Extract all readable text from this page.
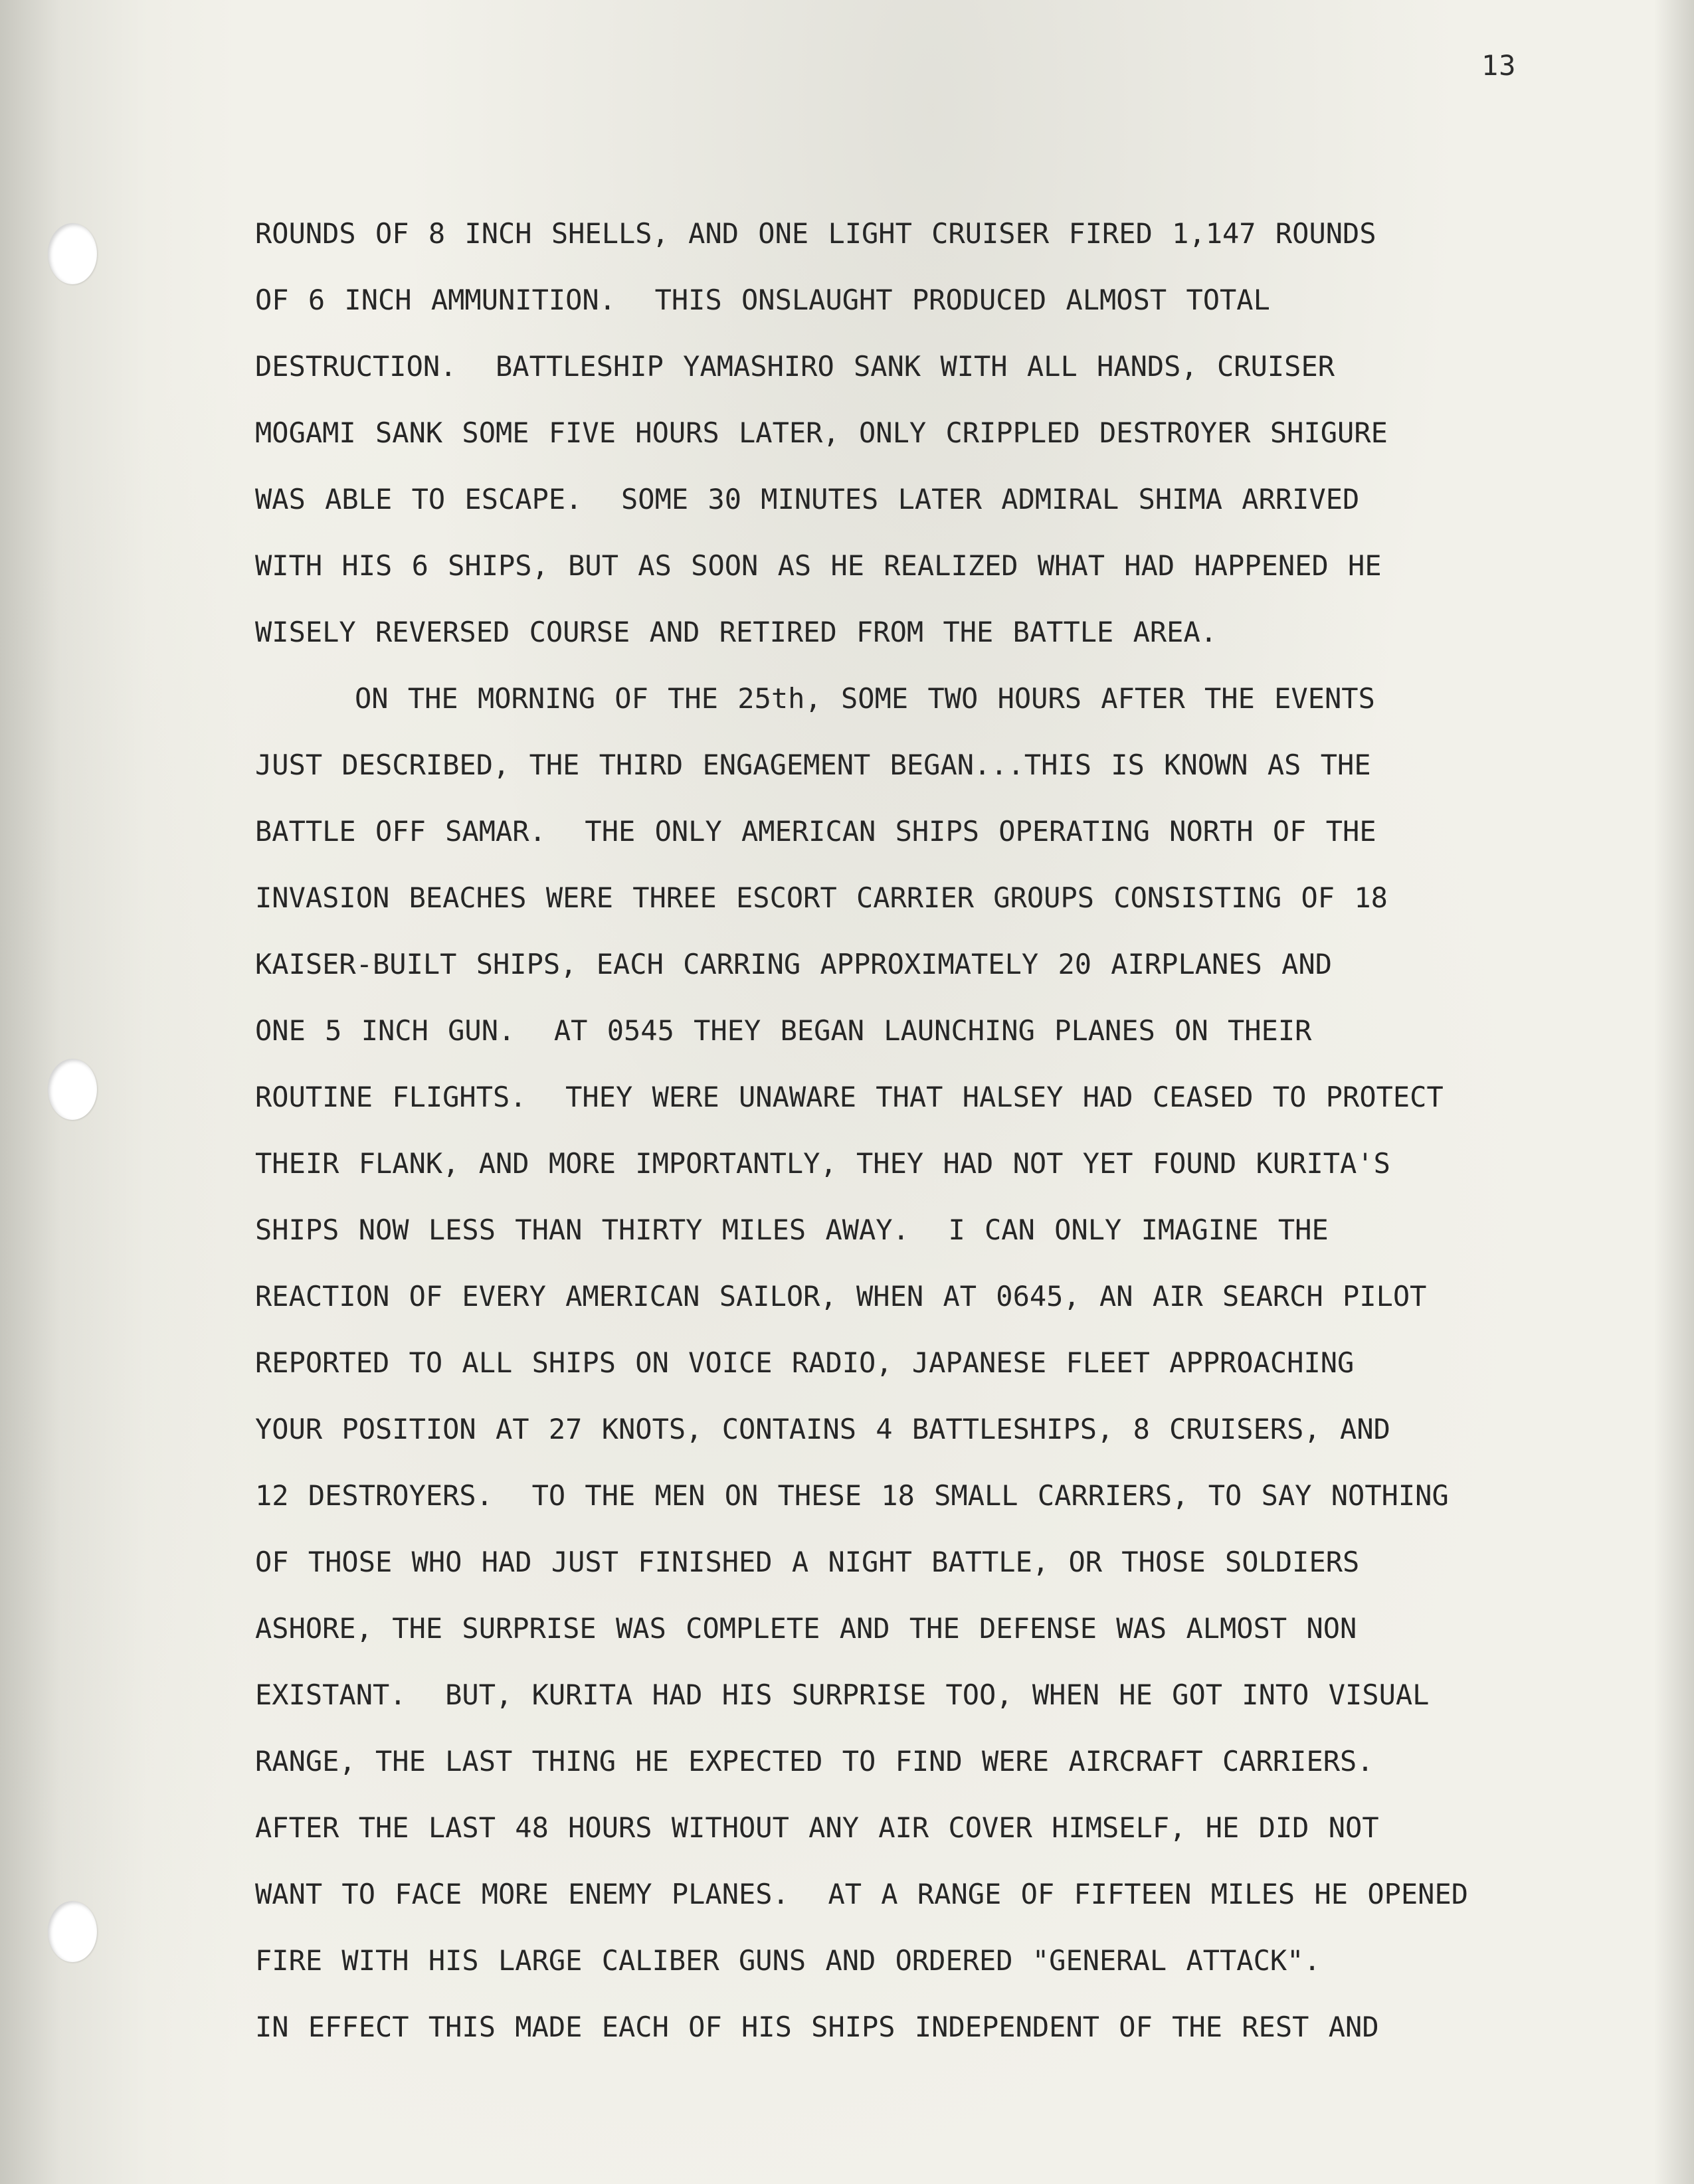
13
ROUNDS OF 8 INCH SHELLS, AND ONE LIGHT CRUISER FIRED 1,147 ROUNDS
OF 6 INCH AMMUNITION.  THIS ONSLAUGHT PRODUCED ALMOST TOTAL
DESTRUCTION.  BATTLESHIP YAMASHIRO SANK WITH ALL HANDS, CRUISER
MOGAMI SANK SOME FIVE HOURS LATER, ONLY CRIPPLED DESTROYER SHIGURE
WAS ABLE TO ESCAPE.  SOME 30 MINUTES LATER ADMIRAL SHIMA ARRIVED
WITH HIS 6 SHIPS, BUT AS SOON AS HE REALIZED WHAT HAD HAPPENED HE
WISELY REVERSED COURSE AND RETIRED FROM THE BATTLE AREA.
ON THE MORNING OF THE 25th, SOME TWO HOURS AFTER THE EVENTS
JUST DESCRIBED, THE THIRD ENGAGEMENT BEGAN...THIS IS KNOWN AS THE
BATTLE OFF SAMAR.  THE ONLY AMERICAN SHIPS OPERATING NORTH OF THE
INVASION BEACHES WERE THREE ESCORT CARRIER GROUPS CONSISTING OF 18
KAISER-BUILT SHIPS, EACH CARRING APPROXIMATELY 20 AIRPLANES AND
ONE 5 INCH GUN.  AT 0545 THEY BEGAN LAUNCHING PLANES ON THEIR
ROUTINE FLIGHTS.  THEY WERE UNAWARE THAT HALSEY HAD CEASED TO PROTECT
THEIR FLANK, AND MORE IMPORTANTLY, THEY HAD NOT YET FOUND KURITA'S
SHIPS NOW LESS THAN THIRTY MILES AWAY.  I CAN ONLY IMAGINE THE
REACTION OF EVERY AMERICAN SAILOR, WHEN AT 0645, AN AIR SEARCH PILOT
REPORTED TO ALL SHIPS ON VOICE RADIO, JAPANESE FLEET APPROACHING
YOUR POSITION AT 27 KNOTS, CONTAINS 4 BATTLESHIPS, 8 CRUISERS, AND
12 DESTROYERS.  TO THE MEN ON THESE 18 SMALL CARRIERS, TO SAY NOTHING
OF THOSE WHO HAD JUST FINISHED A NIGHT BATTLE, OR THOSE SOLDIERS
ASHORE, THE SURPRISE WAS COMPLETE AND THE DEFENSE WAS ALMOST NON
EXISTANT.  BUT, KURITA HAD HIS SURPRISE TOO, WHEN HE GOT INTO VISUAL
RANGE, THE LAST THING HE EXPECTED TO FIND WERE AIRCRAFT CARRIERS.
AFTER THE LAST 48 HOURS WITHOUT ANY AIR COVER HIMSELF, HE DID NOT
WANT TO FACE MORE ENEMY PLANES.  AT A RANGE OF FIFTEEN MILES HE OPENED
FIRE WITH HIS LARGE CALIBER GUNS AND ORDERED "GENERAL ATTACK".
IN EFFECT THIS MADE EACH OF HIS SHIPS INDEPENDENT OF THE REST AND
